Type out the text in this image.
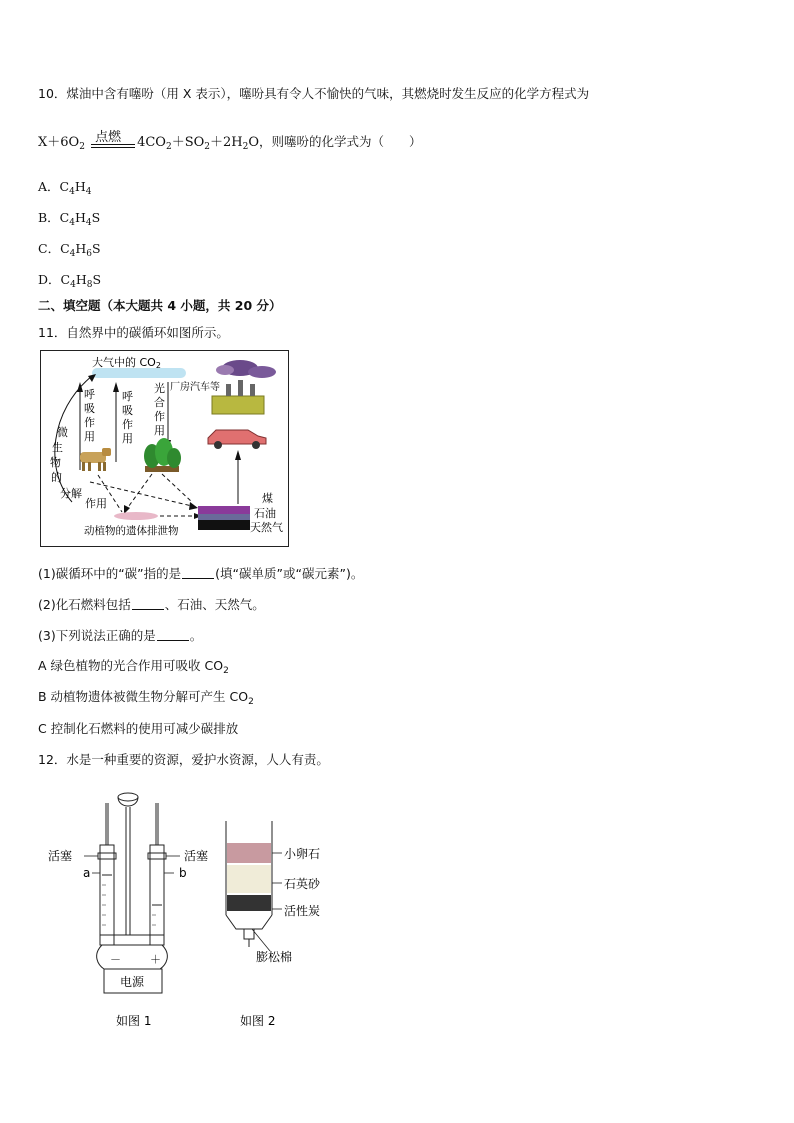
10．煤油中含有噻吩（用 X 表示），噻吩具有令人不愉快的气味，其燃烧时发生反应的化学方程式为
$X+6O_2$
点燃 $4CO_2+SO_2+2H_2O$，则噻吩的化学式为（　　）
A．$C_4H_4$
B．$C_4H_4S$
C．$C_4H_6S$
D．$C_4H_8S$
二、填空题（本大题共 4 小题，共 20 分）
11．自然界中的碳循环如图所示。
大气中的 CO2
呼吸作用
呼吸作用
光合作用
厂房汽车等
微生物的
分解
作用
动植物的遗体排泄物
煤
石油
天然气
(1)碳循环中的“碳”指的是	(填“碳单质”或“碳元素”)。
(2)化石燃料包括	、石油、天然气。
(3)下列说法正确的是	。
A 绿色植物的光合作用可吸收 $CO_2$
B 动植物遗体被微生物分解可产生 $CO_2$
C 控制化石燃料的使用可减少碳排放
12．水是一种重要的资源，爱护水资源，人人有责。
活塞	活塞
a	b
－	＋
电源
如图 1
小卵石
石英砂
活性炭
膨松棉
如图 2
